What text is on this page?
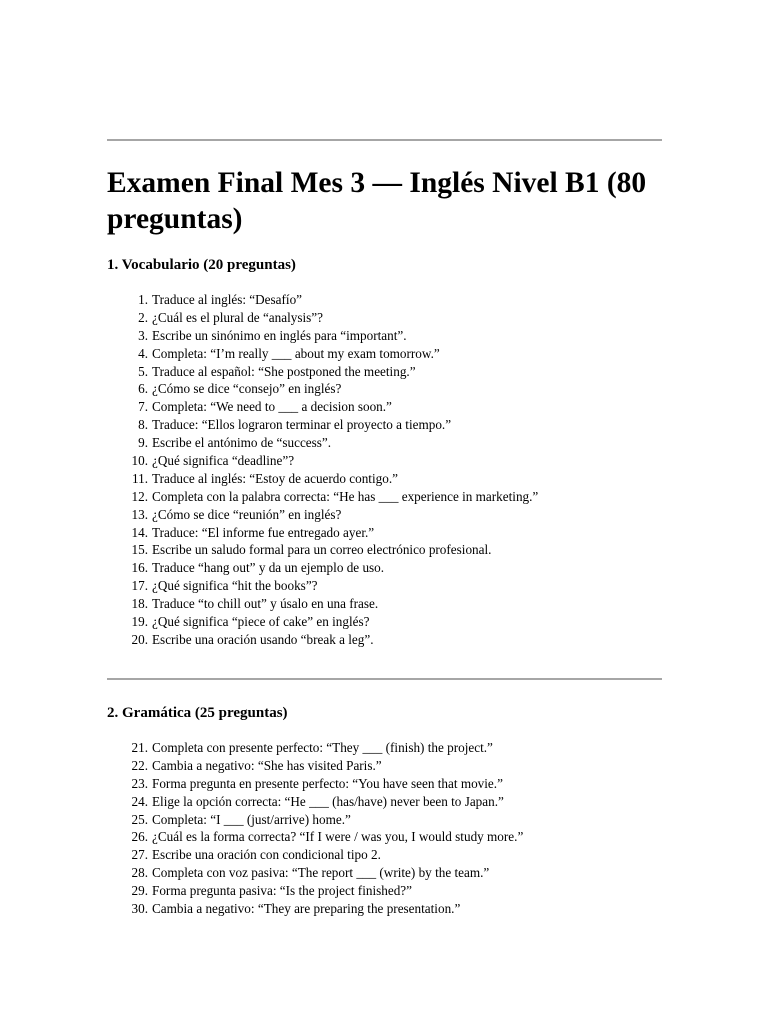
Examen Final Mes 3 — Inglés Nivel B1 (80 preguntas)
1. Vocabulario (20 preguntas)
1. Traduce al inglés: “Desafío”
2. ¿Cuál es el plural de “analysis”?
3. Escribe un sinónimo en inglés para “important”.
4. Completa: “I’m really ___ about my exam tomorrow.”
5. Traduce al español: “She postponed the meeting.”
6. ¿Cómo se dice “consejo” en inglés?
7. Completa: “We need to ___ a decision soon.”
8. Traduce: “Ellos lograron terminar el proyecto a tiempo.”
9. Escribe el antónimo de “success”.
10. ¿Qué significa “deadline”?
11. Traduce al inglés: “Estoy de acuerdo contigo.”
12. Completa con la palabra correcta: “He has ___ experience in marketing.”
13. ¿Cómo se dice “reunión” en inglés?
14. Traduce: “El informe fue entregado ayer.”
15. Escribe un saludo formal para un correo electrónico profesional.
16. Traduce “hang out” y da un ejemplo de uso.
17. ¿Qué significa “hit the books”?
18. Traduce “to chill out” y úsalo en una frase.
19. ¿Qué significa “piece of cake” en inglés?
20. Escribe una oración usando “break a leg”.
2. Gramática (25 preguntas)
21. Completa con presente perfecto: “They ___ (finish) the project.”
22. Cambia a negativo: “She has visited Paris.”
23. Forma pregunta en presente perfecto: “You have seen that movie.”
24. Elige la opción correcta: “He ___ (has/have) never been to Japan.”
25. Completa: “I ___ (just/arrive) home.”
26. ¿Cuál es la forma correcta? “If I were / was you, I would study more.”
27. Escribe una oración con condicional tipo 2.
28. Completa con voz pasiva: “The report ___ (write) by the team.”
29. Forma pregunta pasiva: “Is the project finished?”
30. Cambia a negativo: “They are preparing the presentation.”
